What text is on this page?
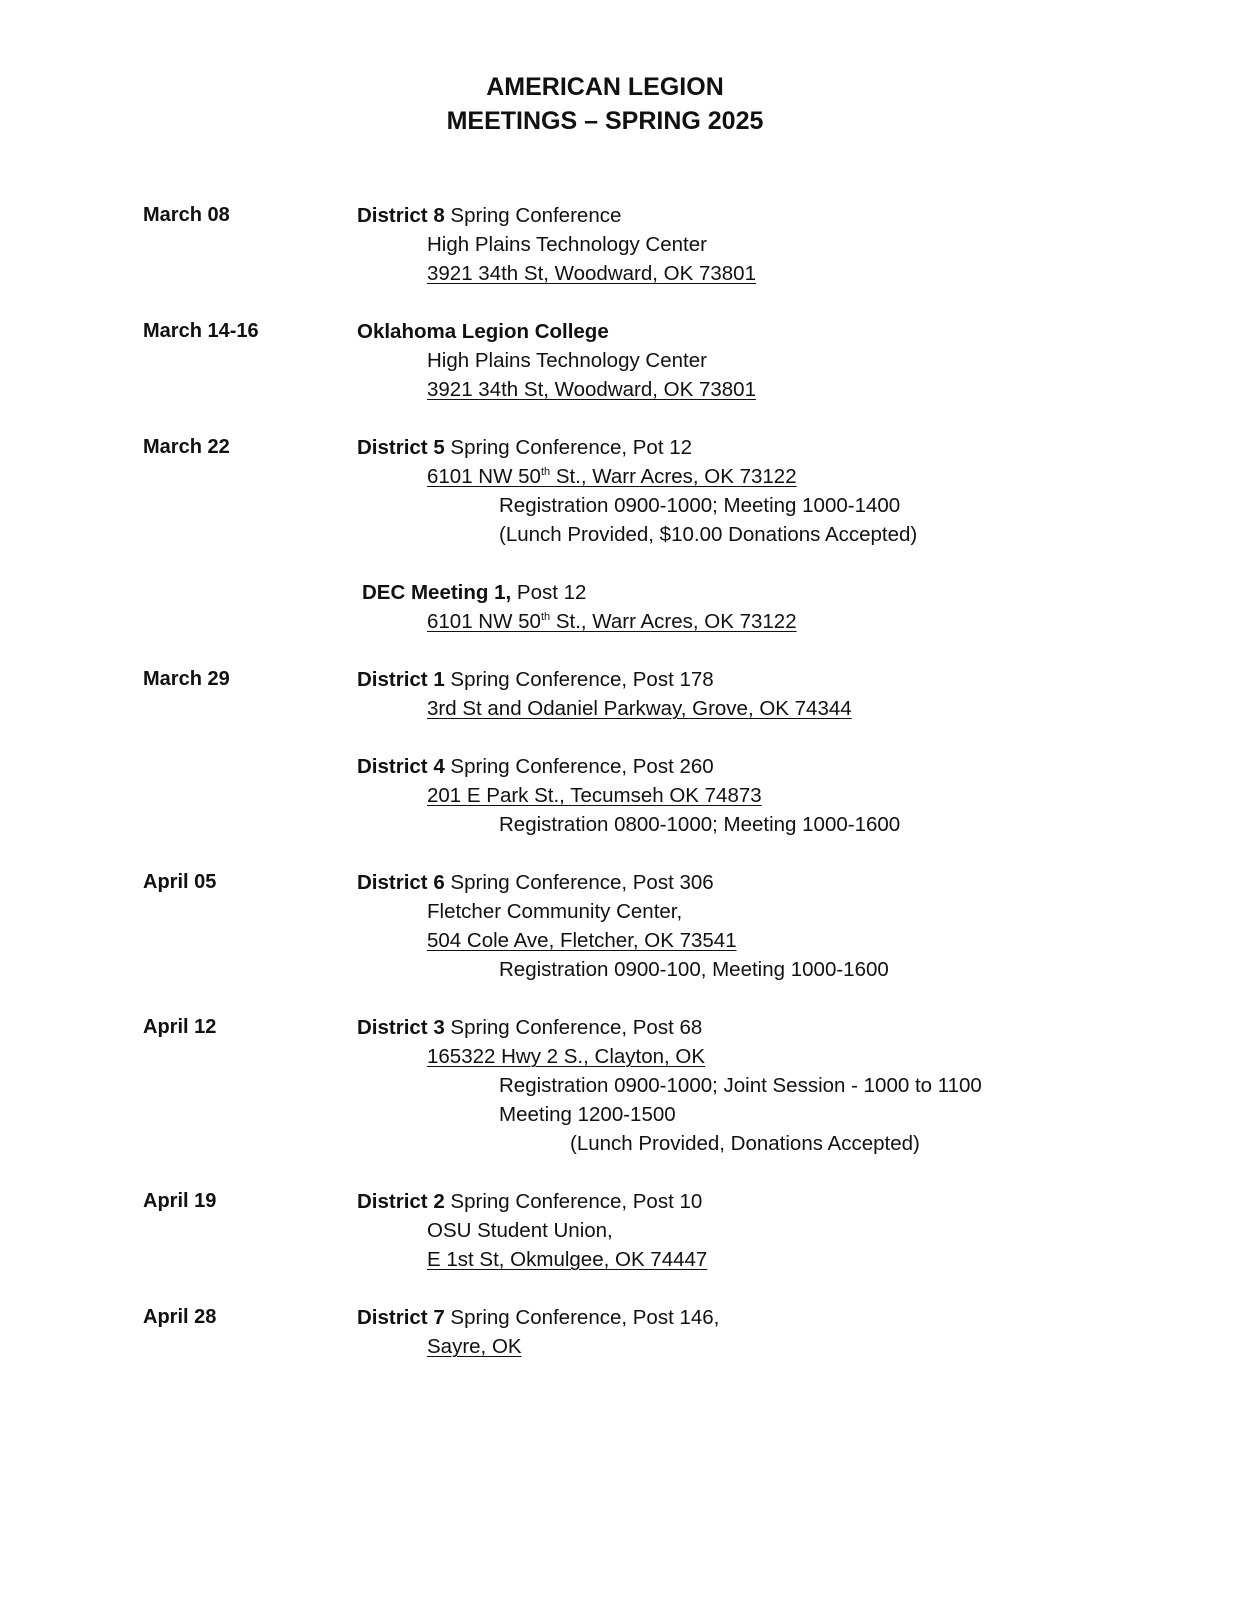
AMERICAN LEGION
MEETINGS – SPRING 2025
March 08	District 8 Spring Conference
High Plains Technology Center
3921 34th St, Woodward, OK 73801
March 14-16	Oklahoma Legion College
High Plains Technology Center
3921 34th St, Woodward, OK 73801
March 22	District 5 Spring Conference, Pot 12
6101 NW 50th St., Warr Acres, OK 73122
Registration 0900-1000; Meeting 1000-1400
(Lunch Provided, $10.00 Donations Accepted)
DEC Meeting 1, Post 12
6101 NW 50th St., Warr Acres, OK 73122
March 29	District 1 Spring Conference, Post 178
3rd St and Odaniel Parkway, Grove, OK 74344
District 4 Spring Conference, Post 260
201 E Park St., Tecumseh OK 74873
Registration 0800-1000; Meeting 1000-1600
April 05	District 6 Spring Conference, Post 306
Fletcher Community Center,
504 Cole Ave, Fletcher, OK 73541
Registration 0900-100, Meeting 1000-1600
April 12	District 3 Spring Conference, Post 68
165322 Hwy 2 S., Clayton, OK
Registration 0900-1000; Joint Session - 1000 to 1100
Meeting 1200-1500
(Lunch Provided, Donations Accepted)
April 19	District 2 Spring Conference, Post 10
OSU Student Union,
E 1st St, Okmulgee, OK 74447
April 28	District 7 Spring Conference, Post 146,
Sayre, OK
